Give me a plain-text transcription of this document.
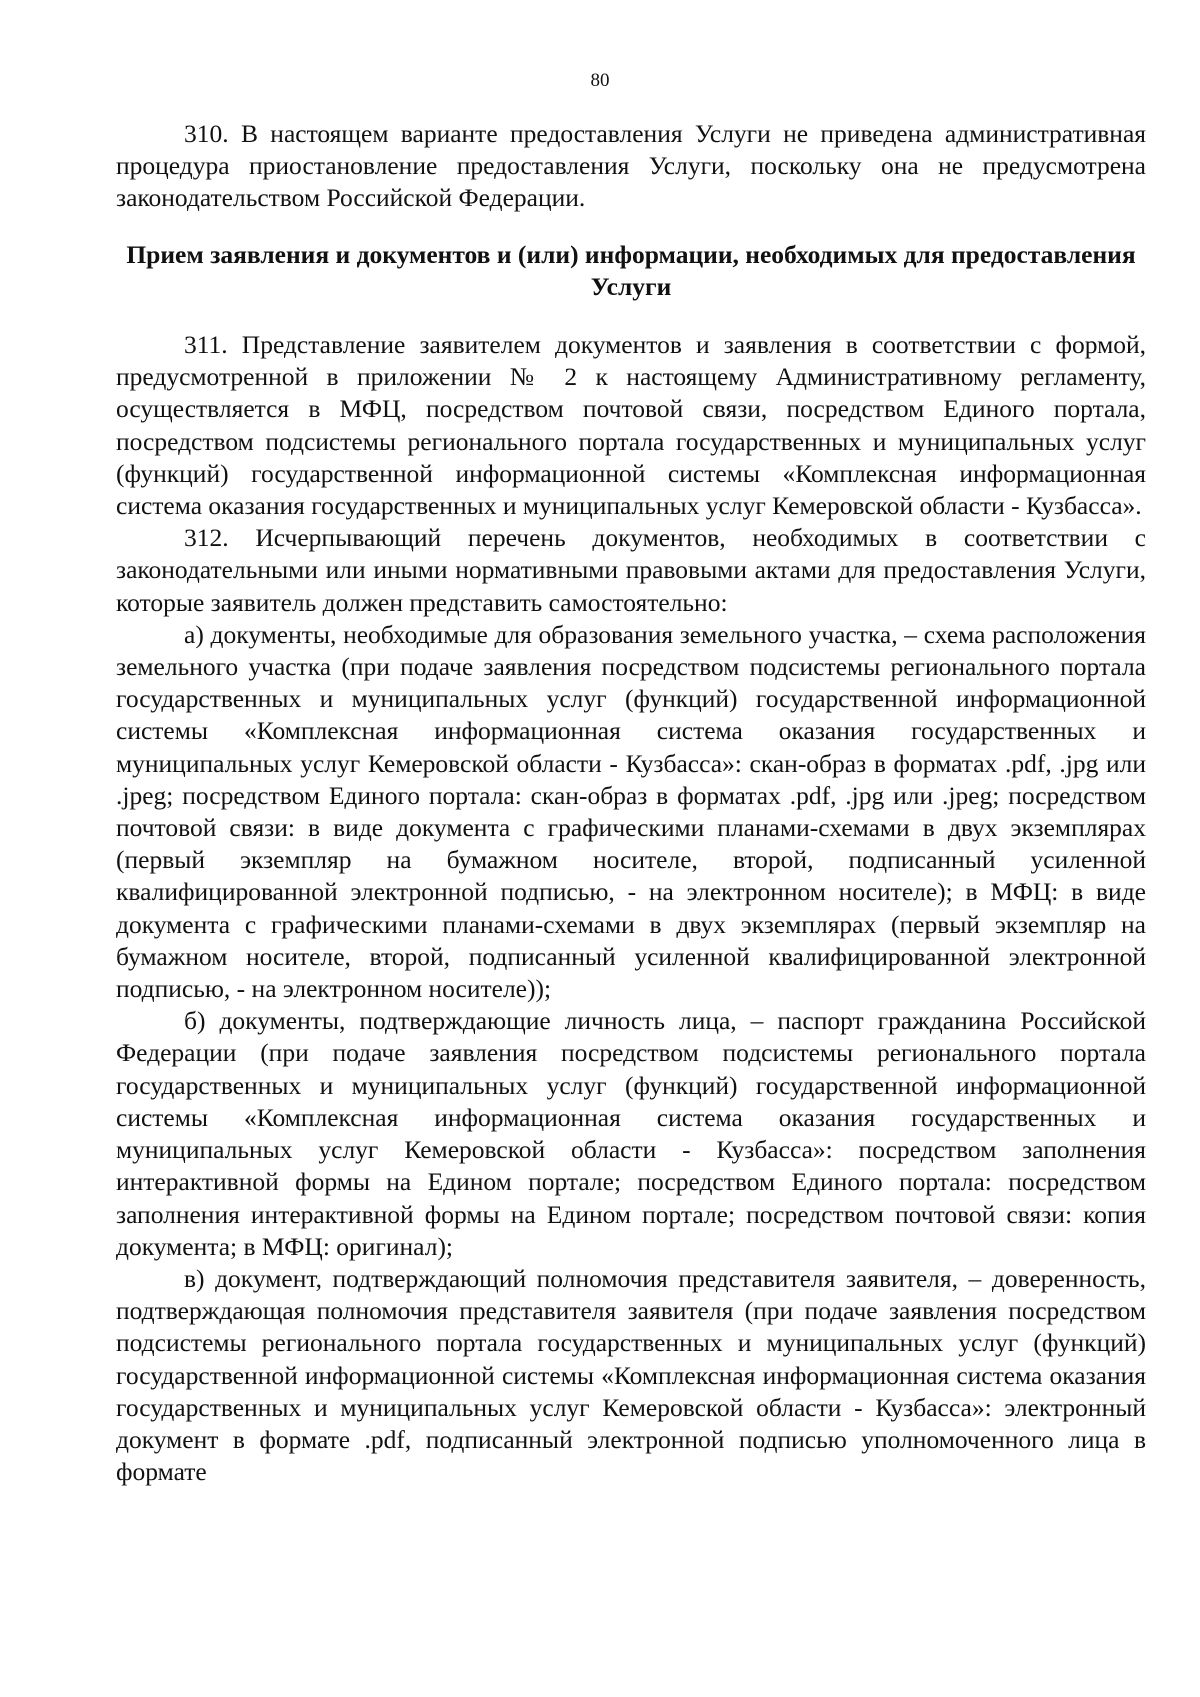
80

310. В настоящем варианте предоставления Услуги не приведена административная процедура приостановление предоставления Услуги, поскольку она не предусмотрена законодательством Российской Федерации.

Прием заявления и документов и (или) информации, необходимых для предоставления Услуги

311. Представление заявителем документов и заявления в соответствии с формой, предусмотренной в приложении № 2 к настоящему Административному регламенту, осуществляется в МФЦ, посредством почтовой связи, посредством Единого портала, посредством подсистемы регионального портала государственных и муниципальных услуг (функций) государственной информационной системы «Комплексная информационная система оказания государственных и муниципальных услуг Кемеровской области - Кузбасса».

312. Исчерпывающий перечень документов, необходимых в соответствии с законодательными или иными нормативными правовыми актами для предоставления Услуги, которые заявитель должен представить самостоятельно:

а) документы, необходимые для образования земельного участка, – схема расположения земельного участка (при подаче заявления посредством подсистемы регионального портала государственных и муниципальных услуг (функций) государственной информационной системы «Комплексная информационная система оказания государственных и муниципальных услуг Кемеровской области - Кузбасса»: скан-образ в форматах .pdf, .jpg или .jpeg; посредством Единого портала: скан-образ в форматах .pdf, .jpg или .jpeg; посредством почтовой связи: в виде документа с графическими планами-схемами в двух экземплярах (первый экземпляр на бумажном носителе, второй, подписанный усиленной квалифицированной электронной подписью, - на электронном носителе); в МФЦ: в виде документа с графическими планами-схемами в двух экземплярах (первый экземпляр на бумажном носителе, второй, подписанный усиленной квалифицированной электронной подписью, - на электронном носителе));

б) документы, подтверждающие личность лица, – паспорт гражданина Российской Федерации (при подаче заявления посредством подсистемы регионального портала государственных и муниципальных услуг (функций) государственной информационной системы «Комплексная информационная система оказания государственных и муниципальных услуг Кемеровской области - Кузбасса»: посредством заполнения интерактивной формы на Едином портале; посредством Единого портала: посредством заполнения интерактивной формы на Едином портале; посредством почтовой связи: копия документа; в МФЦ: оригинал);

в) документ, подтверждающий полномочия представителя заявителя, – доверенность, подтверждающая полномочия представителя заявителя (при подаче заявления посредством подсистемы регионального портала государственных и муниципальных услуг (функций) государственной информационной системы «Комплексная информационная система оказания государственных и муниципальных услуг Кемеровской области - Кузбасса»: электронный документ в формате .pdf, подписанный электронной подписью уполномоченного лица в формате
